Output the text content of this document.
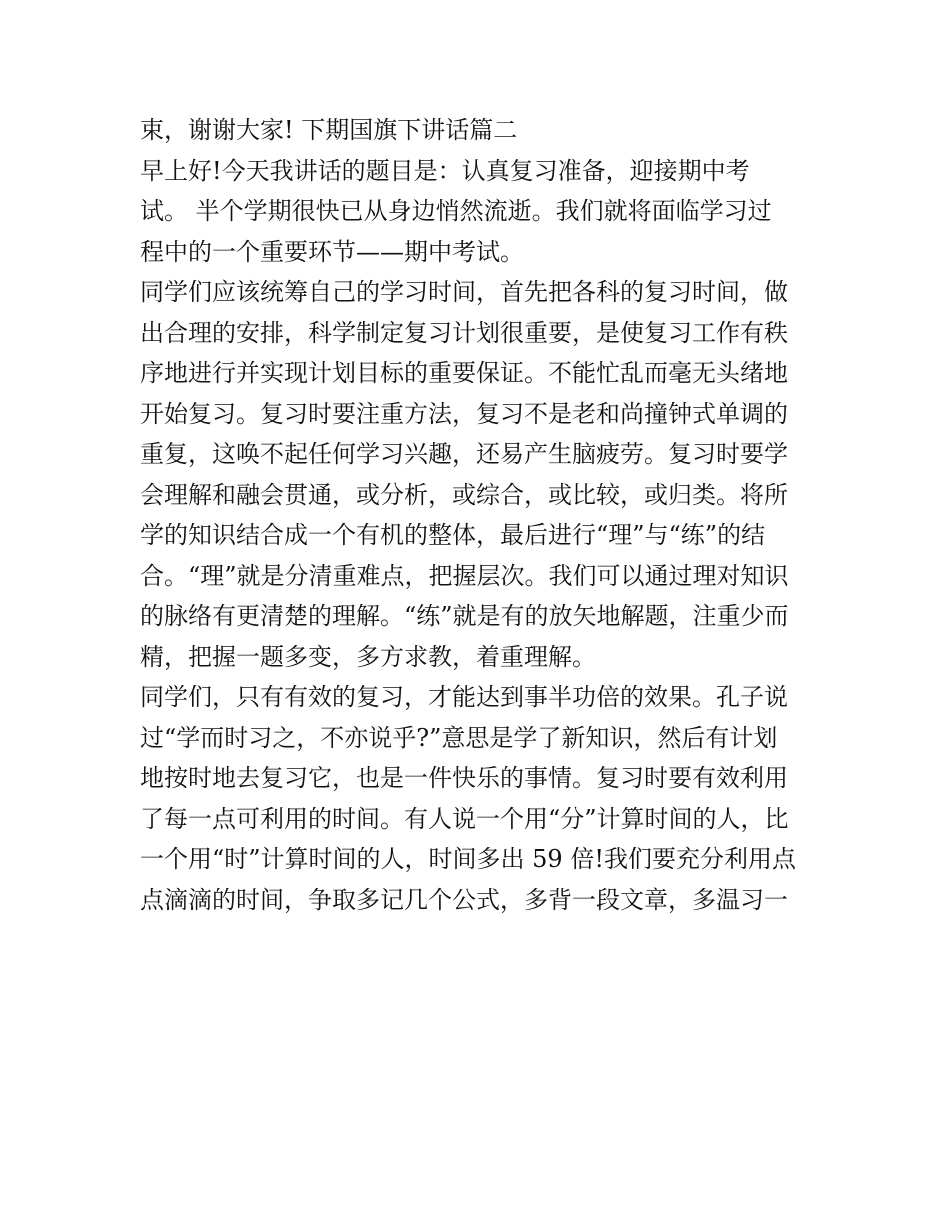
束，谢谢大家! 下期国旗下讲话篇二
早上好!今天我讲话的题目是：认真复习准备，迎接期中考
试。 半个学期很快已从身边悄然流逝。我们就将面临学习过
程中的一个重要环节——期中考试。
同学们应该统筹自己的学习时间，首先把各科的复习时间，做
出合理的安排，科学制定复习计划很重要，是使复习工作有秩
序地进行并实现计划目标的重要保证。不能忙乱而毫无头绪地
开始复习。复习时要注重方法，复习不是老和尚撞钟式单调的
重复，这唤不起任何学习兴趣，还易产生脑疲劳。复习时要学
会理解和融会贯通，或分析，或综合，或比较，或归类。将所
学的知识结合成一个有机的整体，最后进行“理”与“练”的结
合。“理”就是分清重难点，把握层次。我们可以通过理对知识
的脉络有更清楚的理解。“练”就是有的放矢地解题，注重少而
精，把握一题多变，多方求教，着重理解。
同学们，只有有效的复习，才能达到事半功倍的效果。孔子说
过“学而时习之，不亦说乎?”意思是学了新知识，然后有计划
地按时地去复习它，也是一件快乐的事情。复习时要有效利用
了每一点可利用的时间。有人说一个用“分”计算时间的人，比
一个用“时”计算时间的人，时间多出 59 倍!我们要充分利用点
点滴滴的时间，争取多记几个公式，多背一段文章，多温习一
